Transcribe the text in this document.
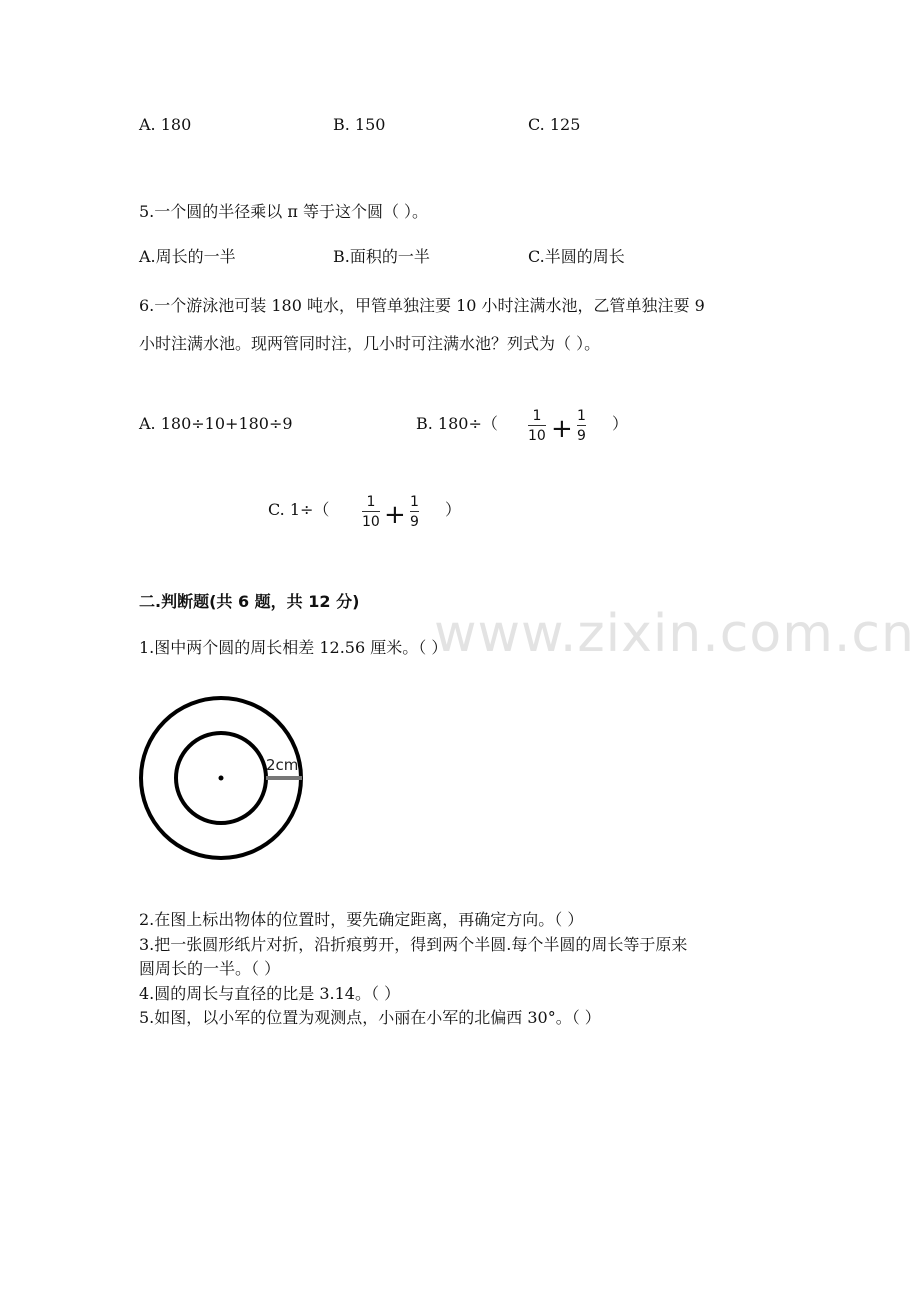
www.zixin.com.cn
A. 180	B. 150	C. 125
5.一个圆的半径乘以 π 等于这个圆（ ）。
A.周长的一半	B.面积的一半	C.半圆的周长
6.一个游泳池可装 180 吨水，甲管单独注要 10 小时注满水池，乙管单独注要 9
小时注满水池。现两管同时注，几小时可注满水池？列式为（ ）。
A. 180÷10+180÷9	B. 180÷（ 1
10 + 1
9
）
C. 1÷（	1
10 + 1
9
）
二.判断题(共 6 题，共 12 分)
1.图中两个圆的周长相差 12.56 厘米。（ ）
2cm
2.在图上标出物体的位置时，要先确定距离，再确定方向。（ ）
3.把一张圆形纸片对折，沿折痕剪开，得到两个半圆.每个半圆的周长等于原来
圆周长的一半。（ ）
4.圆的周长与直径的比是 3.14。（ ）
5.如图，以小军的位置为观测点，小丽在小军的北偏西 30°。（ ）
